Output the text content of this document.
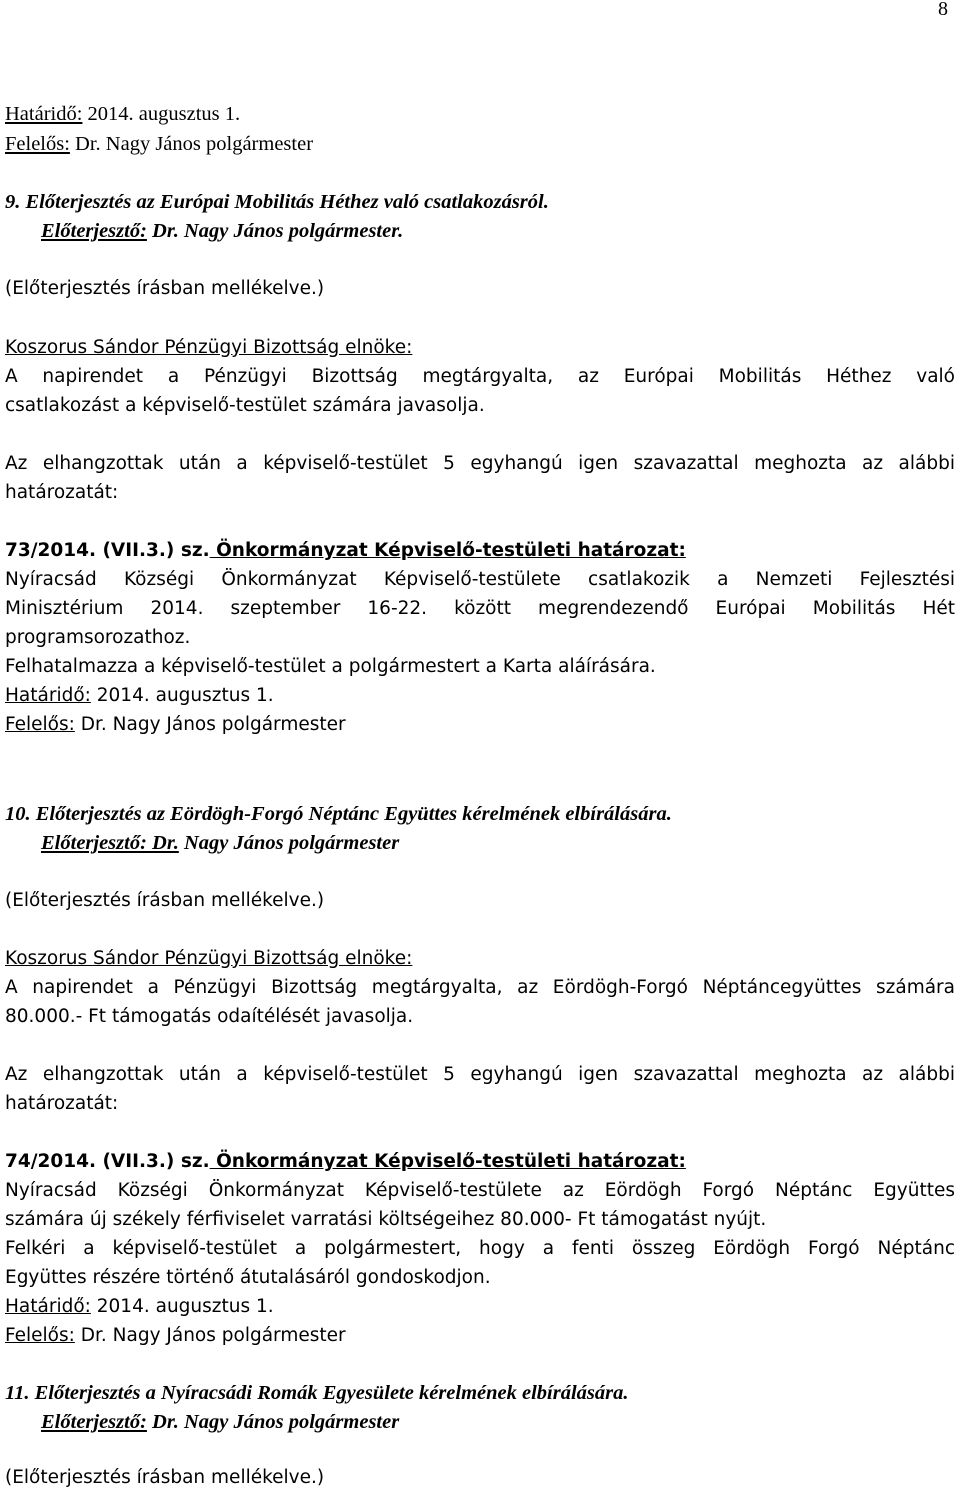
8
Határidő: 2014. augusztus 1.
Felelős: Dr. Nagy János polgármester
9. Előterjesztés az Európai Mobilitás Héthez való csatlakozásról.
Előterjesztő: Dr. Nagy János polgármester.
(Előterjesztés írásban mellékelve.)
Koszorus Sándor Pénzügyi Bizottság elnöke:
A napirendet a Pénzügyi Bizottság megtárgyalta, az Európai Mobilitás Héthez való
csatlakozást a képviselő-testület számára javasolja.
Az elhangzottak után a képviselő-testület 5 egyhangú igen szavazattal meghozta az alábbi
határozatát:
73/2014. (VII.3.) sz. Önkormányzat Képviselő-testületi határozat:
Nyíracsád Községi Önkormányzat Képviselő-testülete csatlakozik a Nemzeti Fejlesztési
Minisztérium 2014. szeptember 16-22. között megrendezendő Európai Mobilitás Hét
programsorozathoz.
Felhatalmazza a képviselő-testület a polgármestert a Karta aláírására.
Határidő: 2014. augusztus 1.
Felelős: Dr. Nagy János polgármester
10. Előterjesztés az Eördögh-Forgó Néptánc Együttes kérelmének elbírálására.
Előterjesztő: Dr. Nagy János polgármester
(Előterjesztés írásban mellékelve.)
Koszorus Sándor Pénzügyi Bizottság elnöke:
A napirendet a Pénzügyi Bizottság megtárgyalta, az Eördögh-Forgó Néptáncegyüttes számára
80.000.- Ft támogatás odaítélését javasolja.
Az elhangzottak után a képviselő-testület 5 egyhangú igen szavazattal meghozta az alábbi
határozatát:
74/2014. (VII.3.) sz. Önkormányzat Képviselő-testületi határozat:
Nyíracsád Községi Önkormányzat Képviselő-testülete az Eördögh Forgó Néptánc Együttes
számára új székely férfiviselet varratási költségeihez 80.000- Ft támogatást nyújt.
Felkéri a képviselő-testület a polgármestert, hogy a fenti összeg Eördögh Forgó Néptánc
Együttes részére történő átutalásáról gondoskodjon.
Határidő: 2014. augusztus 1.
Felelős: Dr. Nagy János polgármester
11. Előterjesztés a Nyíracsádi Romák Egyesülete kérelmének elbírálására.
Előterjesztő: Dr. Nagy János polgármester
(Előterjesztés írásban mellékelve.)
